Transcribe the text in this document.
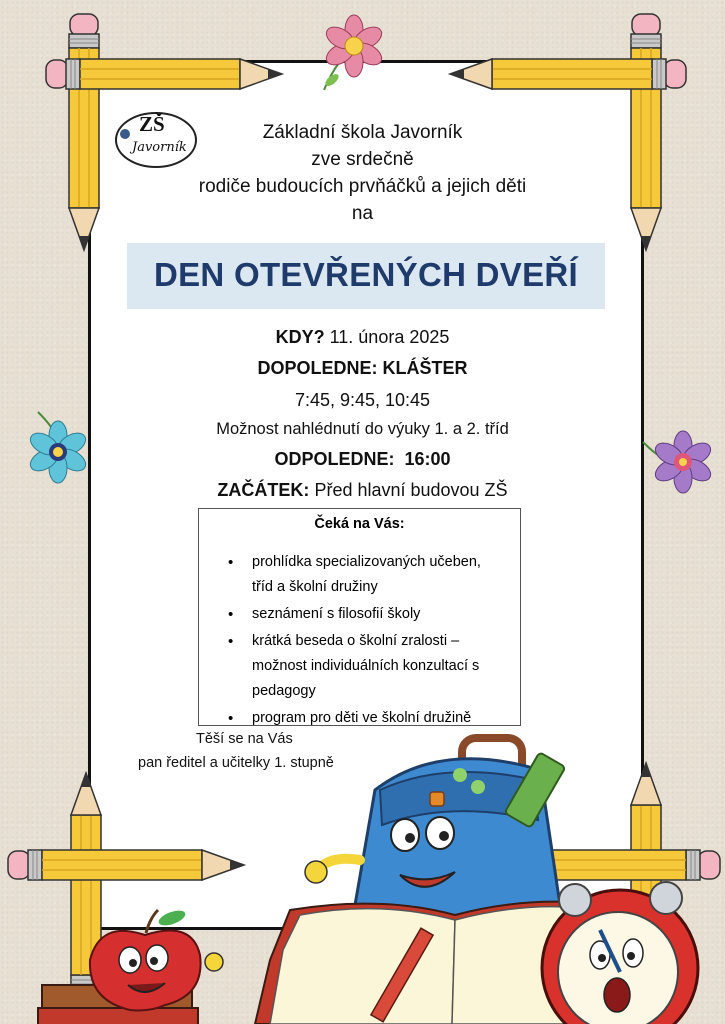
ZŠ
Javorník
Základní škola Javorník
zve srdečně
rodiče budoucích prvňáčků a jejich děti
na
DEN OTEVŘENÝCH DVEŘÍ
KDY? 11. února 2025
DOPOLEDNE: KLÁŠTER
7:45, 9:45, 10:45
Možnost nahlédnutí do výuky 1. a 2. tříd
ODPOLEDNE: 16:00
ZAČÁTEK: Před hlavní budovou ZŠ
Čeká na Vás:
• prohlídka specializovaných učeben,
tříd a školní družiny
• seznámení s filosofií školy
• krátká beseda o školní zralosti –
možnost individuálních konzultací s
pedagogy
• program pro děti ve školní družině
Těší se na Vás
pan ředitel a učitelky 1. stupně
